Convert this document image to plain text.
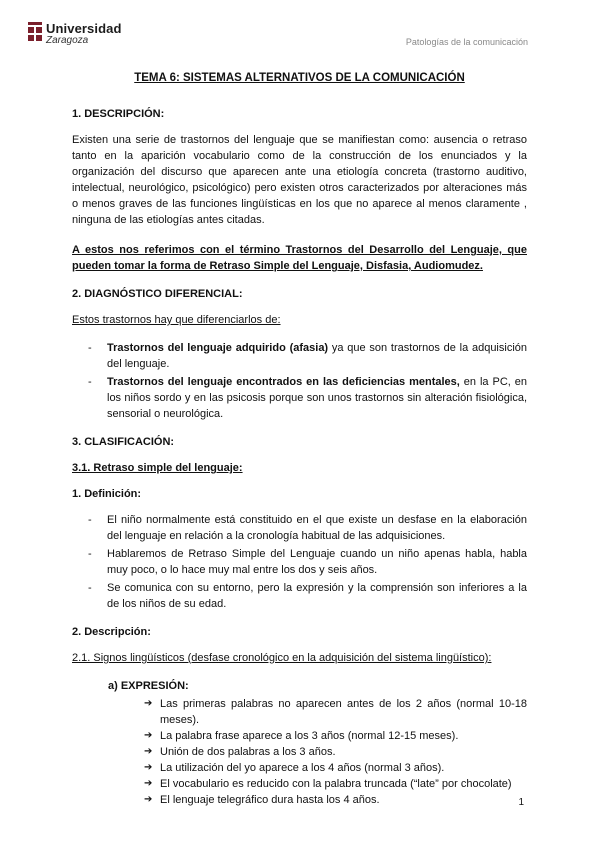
Universidad
Zaragoza	Patologías de la comunicación
TEMA 6: SISTEMAS ALTERNATIVOS DE LA COMUNICACIÓN
1. DESCRIPCIÓN:
Existen una serie de trastornos del lenguaje que se manifiestan como: ausencia o retraso tanto en la aparición vocabulario como de la construcción de los enunciados y la organización del discurso que aparecen ante una etiología concreta (trastorno auditivo, intelectual, neurológico, psicológico) pero existen otros caracterizados por alteraciones más o menos graves de las funciones lingüísticas en los que no aparece al menos claramente , ninguna de las etiologías antes citadas.
A estos nos referimos con el término Trastornos del Desarrollo del Lenguaje, que pueden tomar la forma de Retraso Simple del Lenguaje, Disfasia, Audiomudez.
2. DIAGNÓSTICO DIFERENCIAL:
Estos trastornos hay que diferenciarlos de:
- Trastornos del lenguaje adquirido (afasia) ya que son trastornos de la adquisición del lenguaje.
- Trastornos del lenguaje encontrados en las deficiencias mentales, en la PC, en los niños sordo y en las psicosis porque son unos trastornos sin alteración fisiológica, sensorial o neurológica.
3. CLASIFICACIÓN:
3.1. Retraso simple del lenguaje:
1. Definición:
- El niño normalmente está constituido en el que existe un desfase en la elaboración del lenguaje en relación a la cronología habitual de las adquisiciones.
- Hablaremos de Retraso Simple del Lenguaje cuando un niño apenas habla, habla muy poco, o lo hace muy mal entre los dos y seis años.
- Se comunica con su entorno, pero la expresión y la comprensión son inferiores a la de los niños de su edad.
2. Descripción:
2.1. Signos lingüísticos (desfase cronológico en la adquisición del sistema lingüístico):
a) EXPRESIÓN:
➔ Las primeras palabras no aparecen antes de los 2 años (normal 10-18 meses).
➔ La palabra frase aparece a los 3 años (normal 12-15 meses).
➔ Unión de dos palabras a los 3 años.
➔ La utilización del yo aparece a los 4 años (normal 3 años).
➔ El vocabulario es reducido con la palabra truncada (“late” por chocolate)
➔ El lenguaje telegráfico dura hasta los 4 años.	1
